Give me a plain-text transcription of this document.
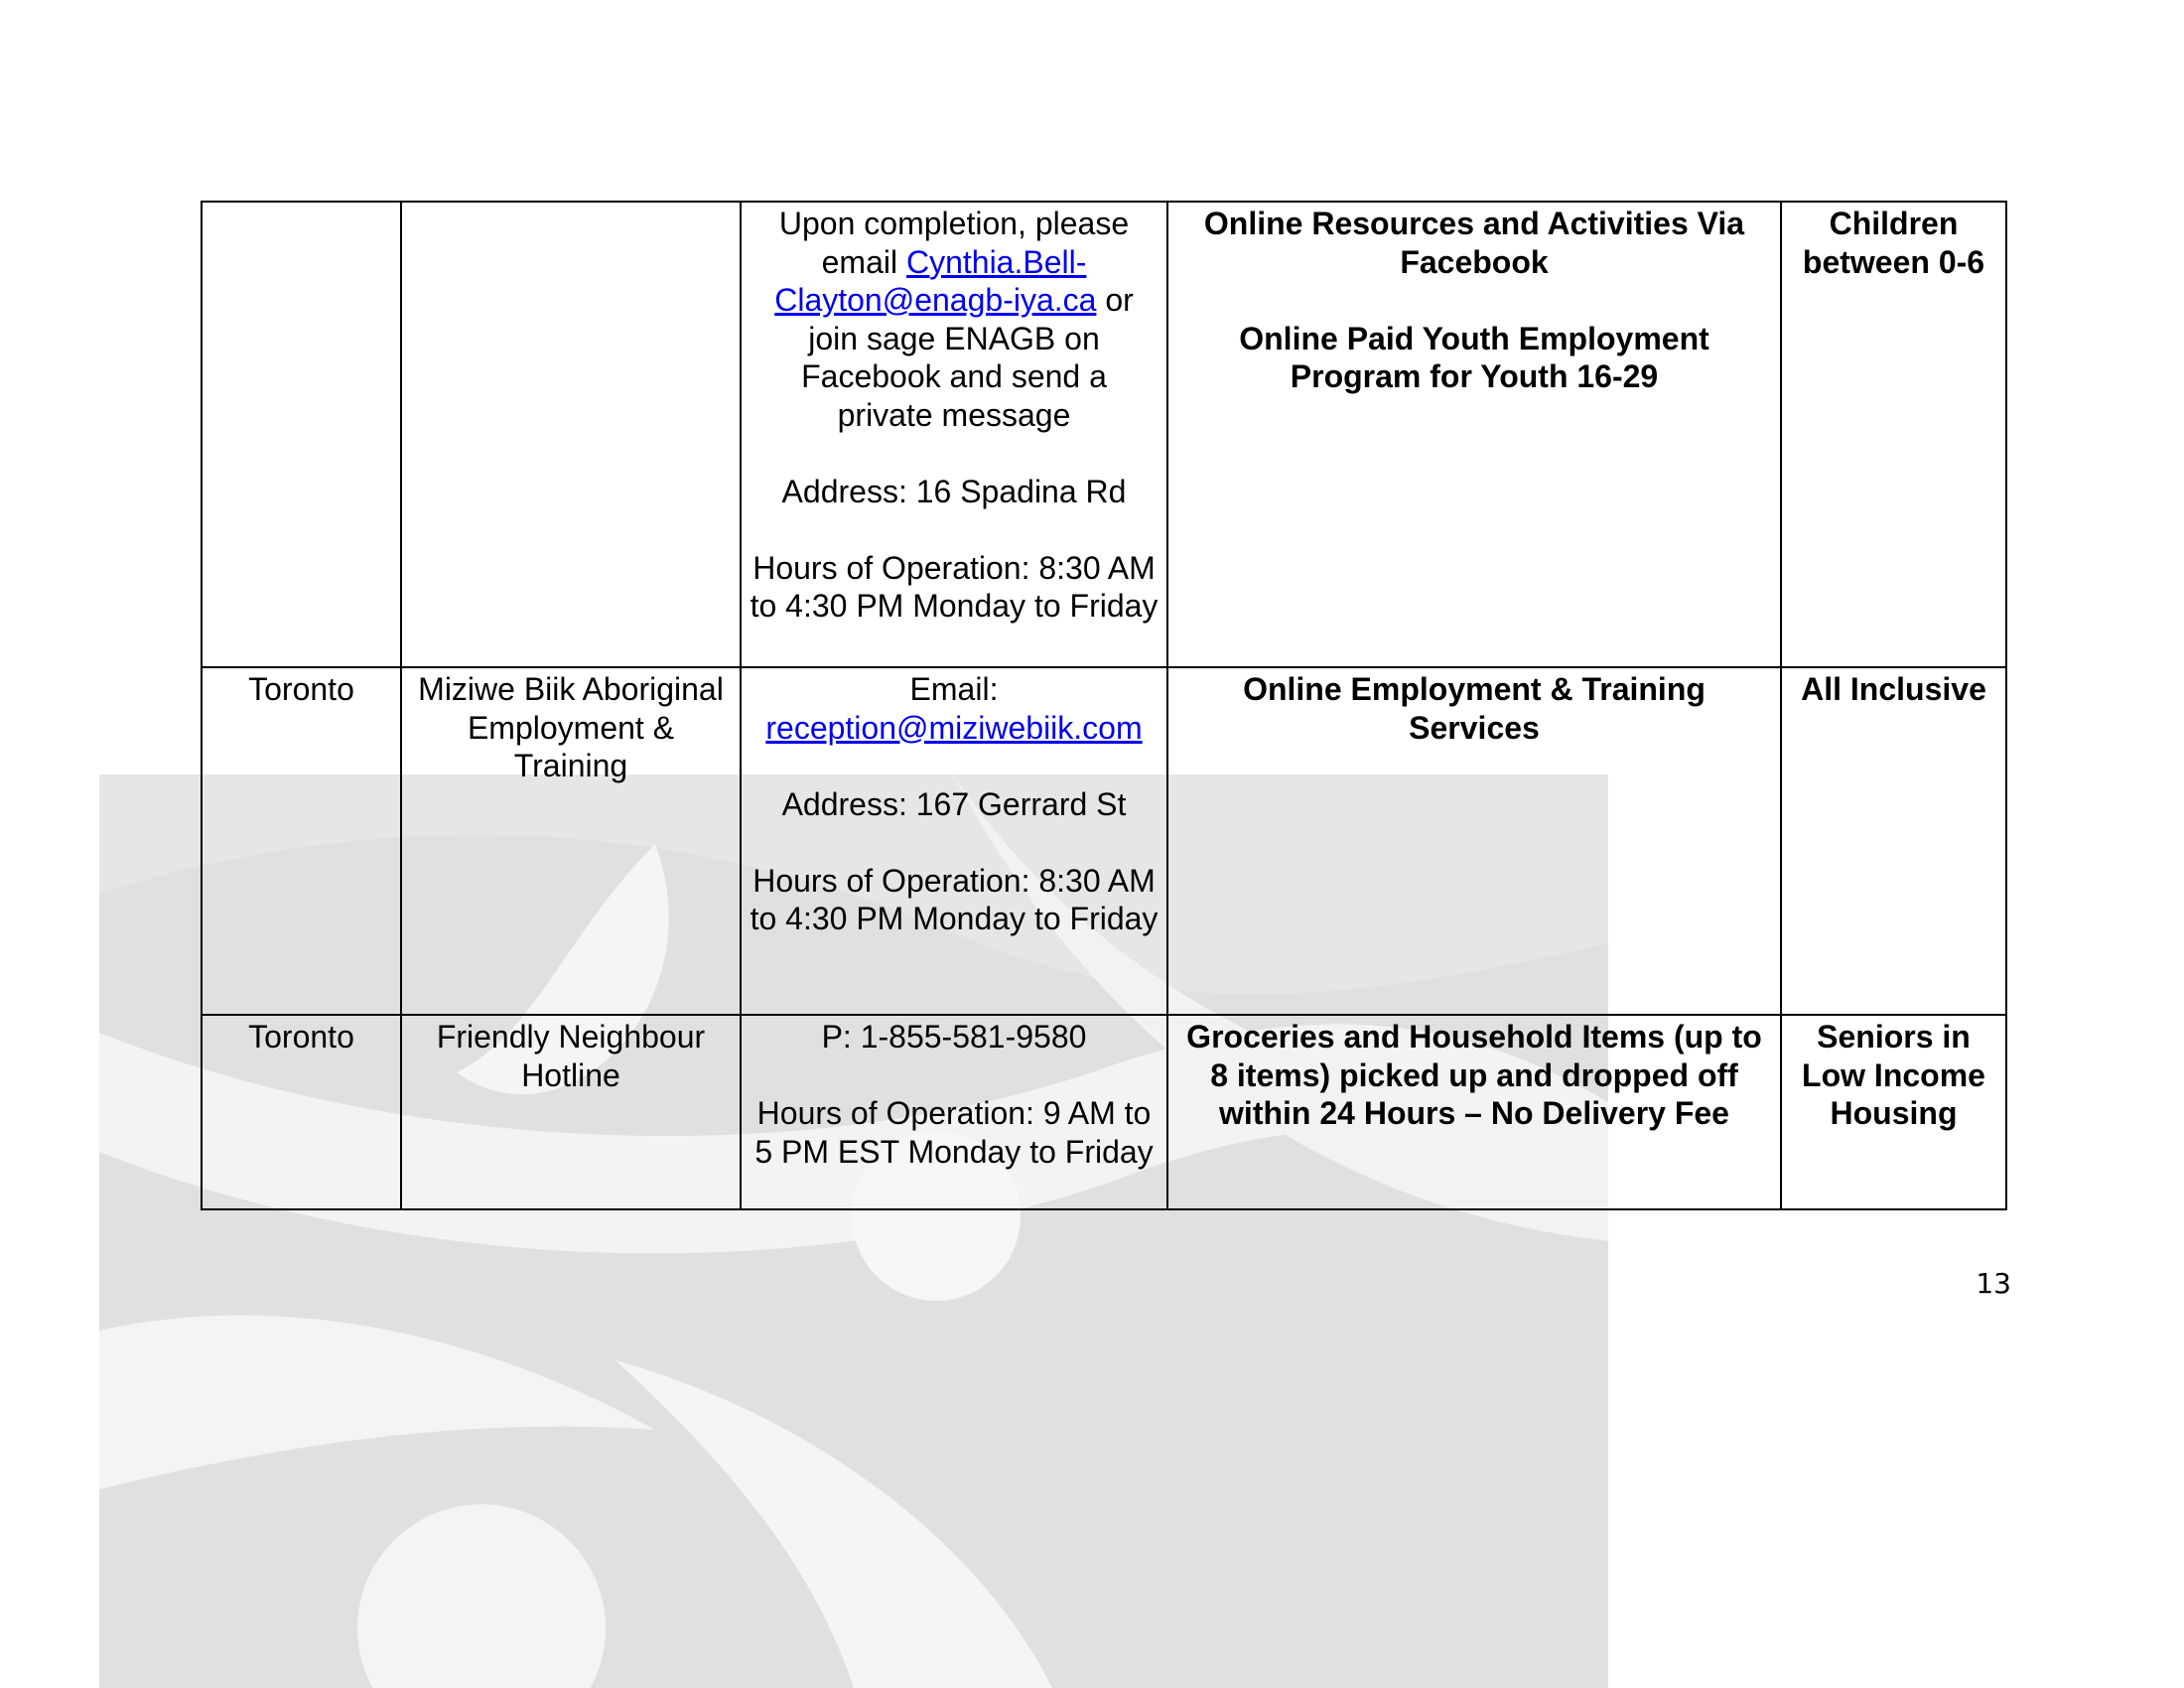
		Upon completion, please email Cynthia.Bell-Clayton@enagb-iya.ca or join sage ENAGB on Facebook and send a private message
Address: 16 Spadina Rd
Hours of Operation: 8:30 AM to 4:30 PM Monday to Friday	Online Resources and Activities Via Facebook
Online Paid Youth Employment Program for Youth 16-29	Children between 0-6
Toronto	Miziwe Biik Aboriginal Employment & Training	Email:
reception@miziwebiik.com
Address: 167 Gerrard St
Hours of Operation: 8:30 AM to 4:30 PM Monday to Friday	Online Employment & Training Services	All Inclusive
Toronto	Friendly Neighbour Hotline	P: 1-855-581-9580
Hours of Operation: 9 AM to 5 PM EST Monday to Friday	Groceries and Household Items (up to 8 items) picked up and dropped off within 24 Hours – No Delivery Fee	Seniors in Low Income Housing
13
